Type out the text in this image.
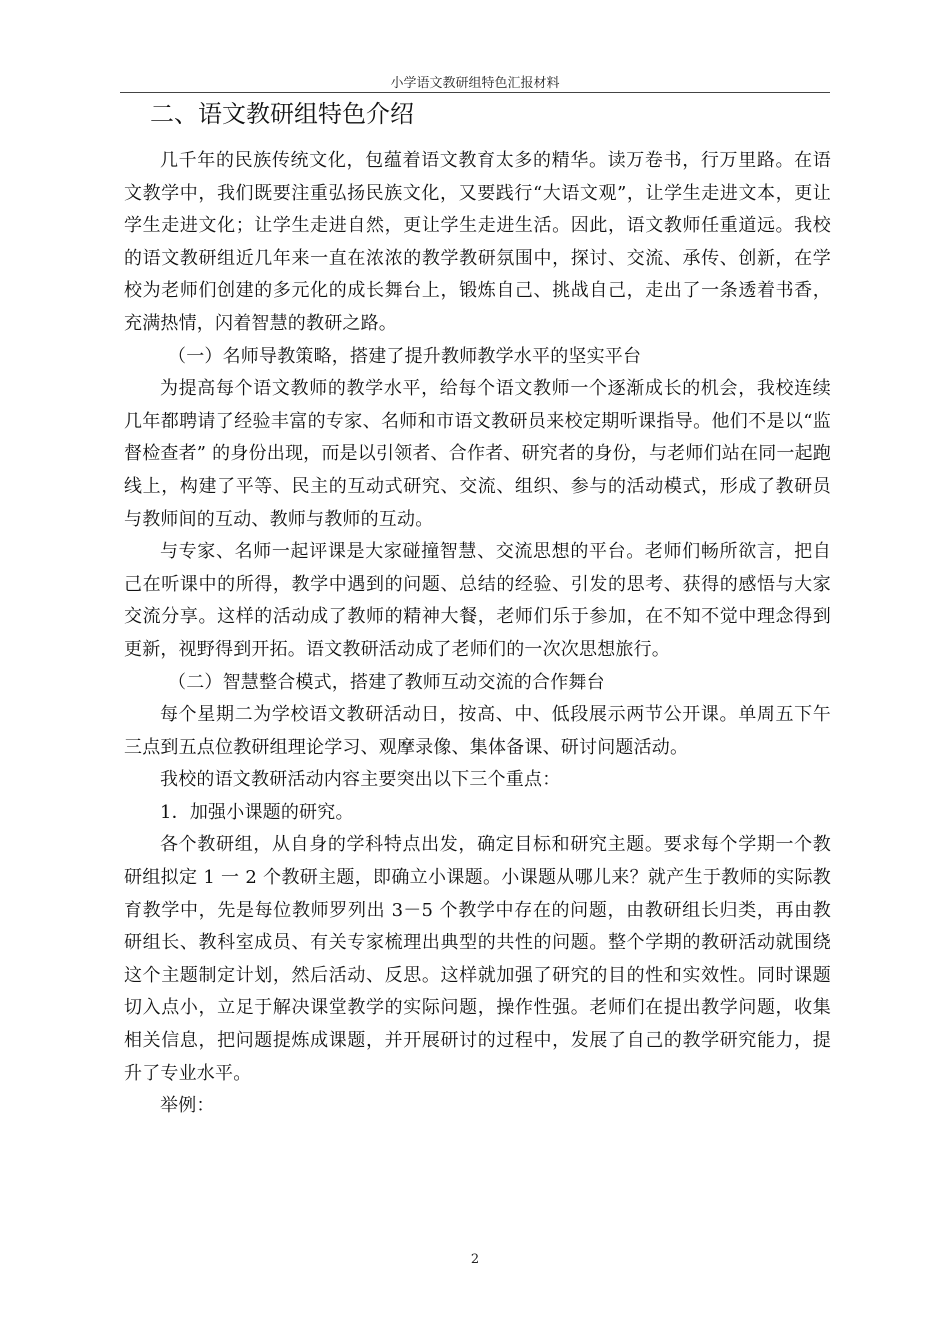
小学语文教研组特色汇报材料
二、语文教研组特色介绍

几千年的民族传统文化，包蕴着语文教育太多的精华。读万卷书，行万里路。在语文教学中，我们既要注重弘扬民族文化，又要践行“大语文观”，让学生走进文本，更让学生走进文化；让学生走进自然，更让学生走进生活。因此，语文教师任重道远。我校的语文教研组近几年来一直在浓浓的教学教研氛围中，探讨、交流、承传、创新，在学校为老师们创建的多元化的成长舞台上，锻炼自己、挑战自己，走出了一条透着书香，充满热情，闪着智慧的教研之路。

（一）名师导教策略，搭建了提升教师教学水平的坚实平台

为提高每个语文教师的教学水平，给每个语文教师一个逐渐成长的机会，我校连续几年都聘请了经验丰富的专家、名师和市语文教研员来校定期听课指导。他们不是以“监督检查者” 的身份出现，而是以引领者、合作者、研究者的身份，与老师们站在同一起跑线上，构建了平等、民主的互动式研究、交流、组织、参与的活动模式，形成了教研员与教师间的互动、教师与教师的互动。

与专家、名师一起评课是大家碰撞智慧、交流思想的平台。老师们畅所欲言，把自己在听课中的所得，教学中遇到的问题、总结的经验、引发的思考、获得的感悟与大家交流分享。这样的活动成了教师的精神大餐，老师们乐于参加，在不知不觉中理念得到更新，视野得到开拓。语文教研活动成了老师们的一次次思想旅行。

（二）智慧整合模式，搭建了教师互动交流的合作舞台

每个星期二为学校语文教研活动日，按高、中、低段展示两节公开课。单周五下午三点到五点位教研组理论学习、观摩录像、集体备课、研讨问题活动。

我校的语文教研活动内容主要突出以下三个重点：

1．加强小课题的研究。

各个教研组，从自身的学科特点出发，确定目标和研究主题。要求每个学期一个教研组拟定 1 一 2 个教研主题，即确立小课题。小课题从哪儿来？就产生于教师的实际教育教学中，先是每位教师罗列出 3－5 个教学中存在的问题，由教研组长归类，再由教研组长、教科室成员、有关专家梳理出典型的共性的问题。整个学期的教研活动就围绕这个主题制定计划，然后活动、反思。这样就加强了研究的目的性和实效性。同时课题切入点小，立足于解决课堂教学的实际问题，操作性强。老师们在提出教学问题，收集相关信息，把问题提炼成课题，并开展研讨的过程中，发展了自己的教学研究能力，提升了专业水平。

举例：

2
